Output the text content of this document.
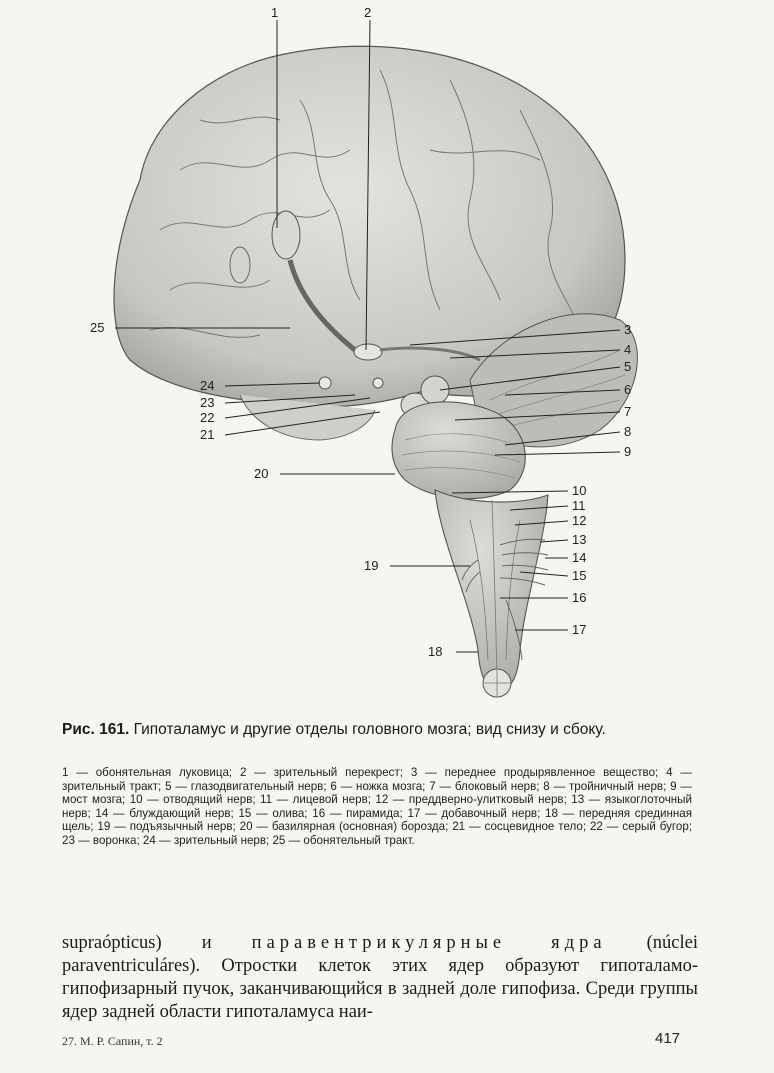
1	2
3
4
5
6
7
8
9
10
11
12
13
14
15
16
17
18
19
20
21
22
23
24
25
Рис. 161. Гипоталамус и другие отделы головного мозга; вид снизу и сбоку.
1 — обонятельная луковица; 2 — зрительный перекрест; 3 — переднее продырявленное вещество; 4 — зрительный тракт; 5 — глазодвигательный нерв; 6 — ножка мозга; 7 — блоковый нерв; 8 — тройничный нерв; 9 — мост мозга; 10 — отводящий нерв; 11 — лицевой нерв; 12 — преддверно-улитковый нерв; 13 — языкоглоточный нерв; 14 — блуждающий нерв; 15 — олива; 16 — пирамида; 17 — добавочный нерв; 18 — передняя срединная щель; 19 — подъязычный нерв; 20 — базилярная (основная) борозда; 21 — сосцевидное тело; 22 — серый бугор; 23 — воронка; 24 — зрительный нерв; 25 — обонятельный тракт.
supraópticus) и паравентрикулярные ядра (núclei paraventriculáres). Отростки клеток этих ядер образуют гипоталамо-гипофизарный пучок, заканчивающийся в задней доле гипофиза. Среди группы ядер задней области гипоталамуса наи-
27. М. Р. Сапин, т. 2	417
